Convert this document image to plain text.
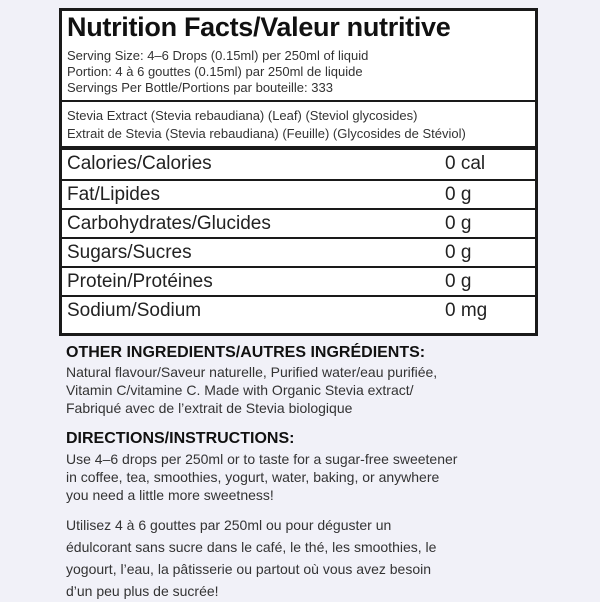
Nutrition Facts/Valeur nutritive
Serving Size: 4–6 Drops (0.15ml) per 250ml of liquid
Portion: 4 à 6 gouttes (0.15ml) par 250ml de liquide
Servings Per Bottle/Portions par bouteille: 333
Stevia Extract (Stevia rebaudiana) (Leaf) (Steviol glycosides)
Extrait de Stevia (Stevia rebaudiana) (Feuille) (Glycosides de Stéviol)
Calories/Calories	0 cal
Fat/Lipides	0 g
Carbohydrates/Glucides	0 g
Sugars/Sucres	0 g
Protein/Protéines	0 g
Sodium/Sodium	0 mg
OTHER INGREDIENTS/AUTRES INGRÉDIENTS:
Natural flavour/Saveur naturelle, Purified water/eau purifiée,
Vitamin C/vitamine C. Made with Organic Stevia extract/
Fabriqué avec de l’extrait de Stevia biologique
DIRECTIONS/INSTRUCTIONS:
Use 4–6 drops per 250ml or to taste for a sugar-free sweetener
in coffee, tea, smoothies, yogurt, water, baking, or anywhere
you need a little more sweetness!
Utilisez 4 à 6 gouttes par 250ml ou pour déguster un
édulcorant sans sucre dans le café, le thé, les smoothies, le
yogourt, l’eau, la pâtisserie ou partout où vous avez besoin
d’un peu plus de sucrée!
